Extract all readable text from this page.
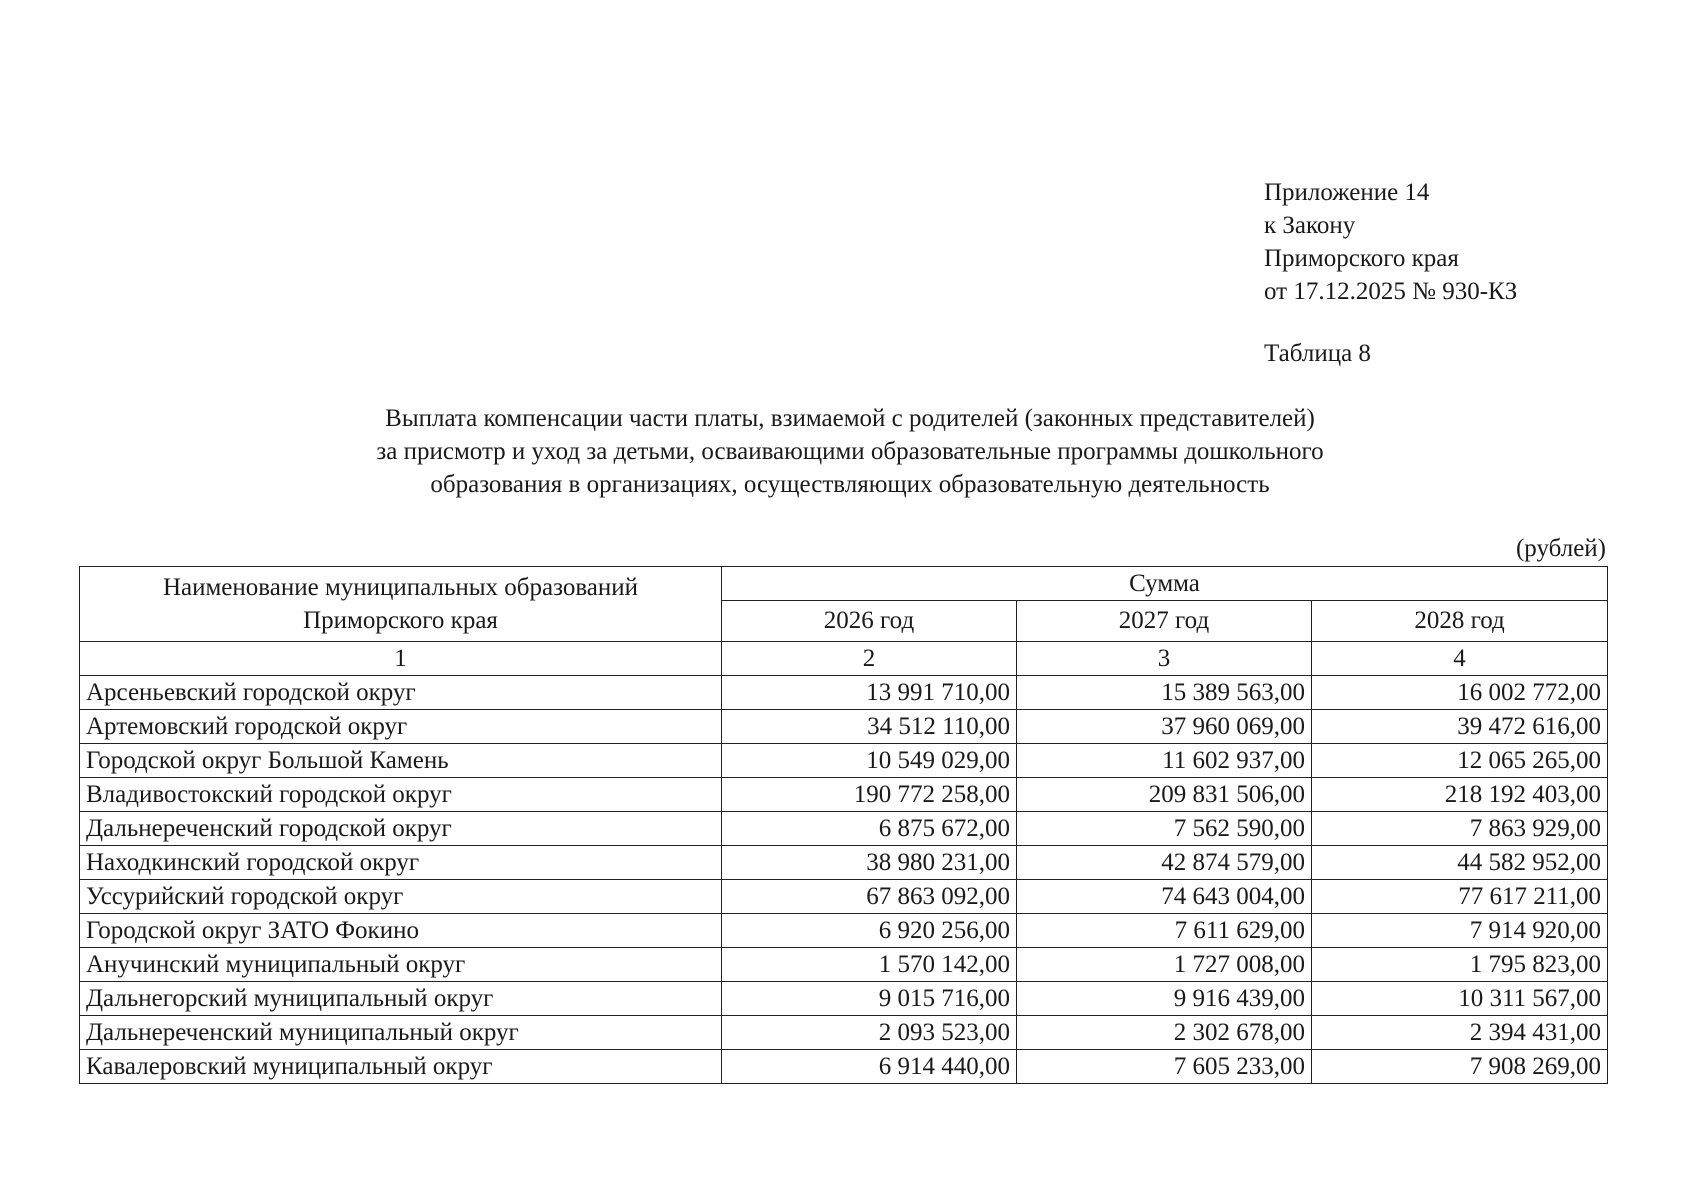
Приложение 14
к Закону
Приморского края
от 17.12.2025 № 930-КЗ
Таблица 8
Выплата компенсации части платы, взимаемой с родителей (законных представителей)
за присмотр и уход за детьми, осваивающими образовательные программы дошкольного
образования в организациях, осуществляющих образовательную деятельность
(рублей)
Наименование муниципальных образований
Приморского края	Сумма		
	2026 год	2027 год	2028 год
1	2	3	4
Арсеньевский городской округ	13 991 710,00	15 389 563,00	16 002 772,00
Артемовский городской округ	34 512 110,00	37 960 069,00	39 472 616,00
Городской округ Большой Камень	10 549 029,00	11 602 937,00	12 065 265,00
Владивостокский городской округ	190 772 258,00	209 831 506,00	218 192 403,00
Дальнереченский городской округ	6 875 672,00	7 562 590,00	7 863 929,00
Находкинский городской округ	38 980 231,00	42 874 579,00	44 582 952,00
Уссурийский городской округ	67 863 092,00	74 643 004,00	77 617 211,00
Городской округ ЗАТО Фокино	6 920 256,00	7 611 629,00	7 914 920,00
Анучинский муниципальный округ	1 570 142,00	1 727 008,00	1 795 823,00
Дальнегорский муниципальный округ	9 015 716,00	9 916 439,00	10 311 567,00
Дальнереченский муниципальный округ	2 093 523,00	2 302 678,00	2 394 431,00
Кавалеровский муниципальный округ	6 914 440,00	7 605 233,00	7 908 269,00
